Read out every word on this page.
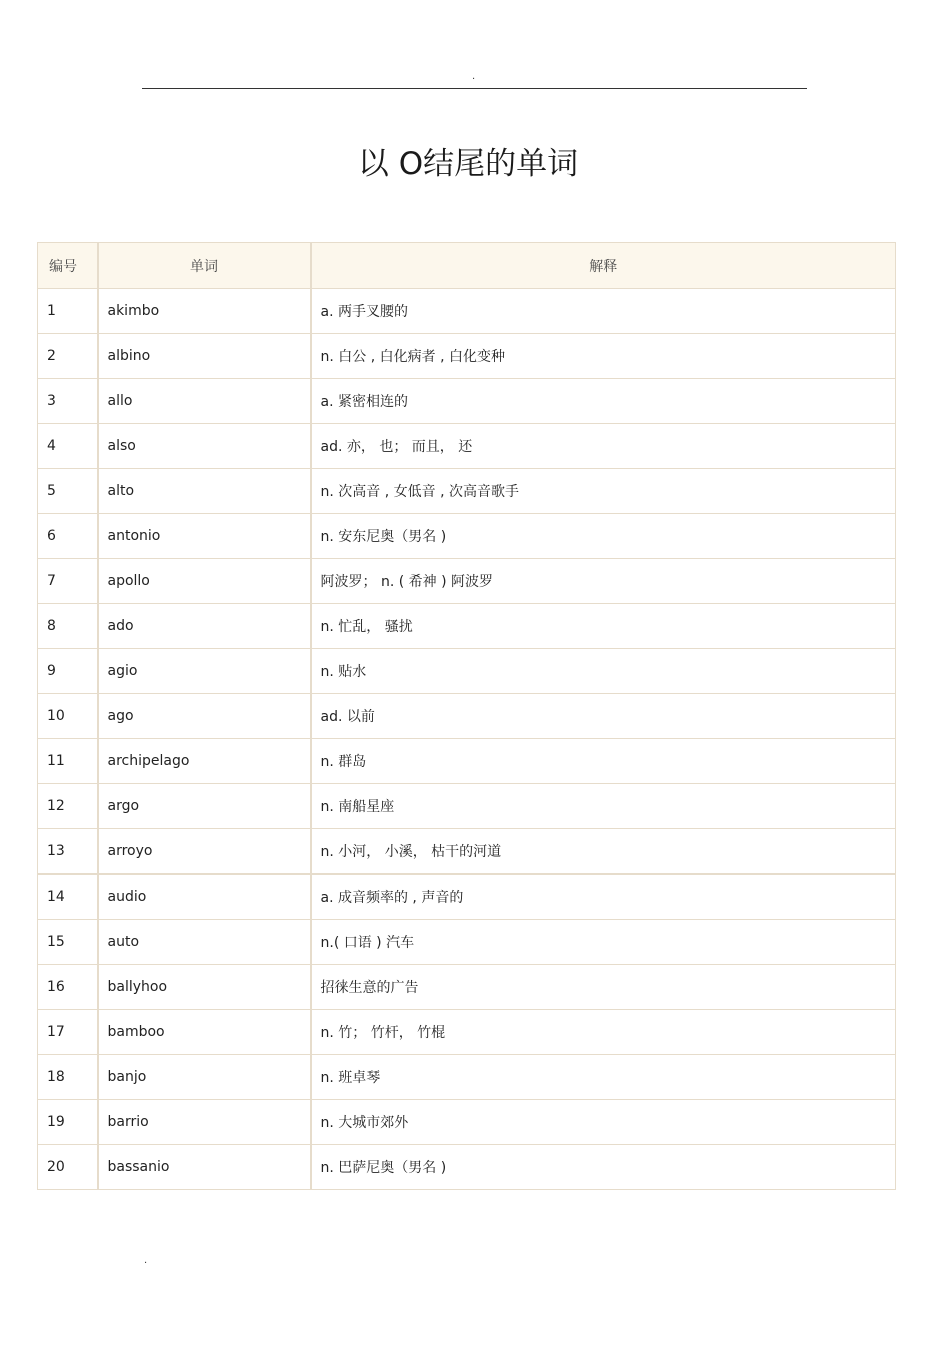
.
以 O结尾的单词
编号	单词	解释
1	akimbo	a. 两手叉腰的
2	albino	n. 白公 , 白化病者 , 白化变种
3	allo	a. 紧密相连的
4	also	ad. 亦， 也； 而且， 还
5	alto	n. 次高音 , 女低音 , 次高音歌手
6	antonio	n. 安东尼奥（男名 )
7	apollo	阿波罗； n. ( 希神 ) 阿波罗
8	ado	n. 忙乱， 骚扰
9	agio	n. 贴水
10	ago	ad. 以前
11	archipelago	n. 群岛
12	argo	n. 南船星座
13	arroyo	n. 小河， 小溪， 枯干的河道
14	audio	a. 成音频率的 , 声音的
15	auto	n.( 口语 ) 汽车
16	ballyhoo	招徕生意的广告
17	bamboo	n. 竹； 竹杆， 竹棍
18	banjo	n. 班卓琴
19	barrio	n. 大城市郊外
20	bassanio	n. 巴萨尼奥（男名 )
.
